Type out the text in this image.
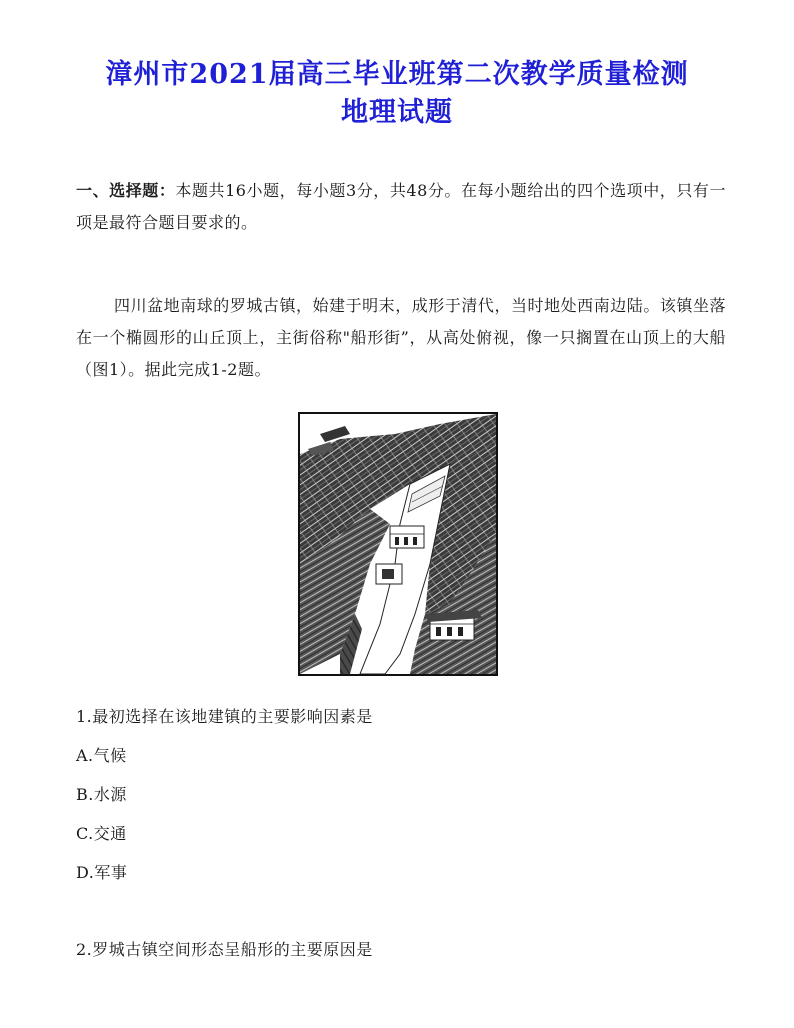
漳州市2021届高三毕业班第二次教学质量检测
地理试题
一、选择题：本题共16小题，每小题3分，共48分。在每小题给出的四个选项中，只有一项是最符合题目要求的。
四川盆地南球的罗城古镇，始建于明末，成形于清代，当时地处西南边陆。该镇坐落在一个椭圆形的山丘顶上，主街俗称"船形街”，从高处俯视，像一只搁置在山顶上的大船（图1）。据此完成1-2题。
1.最初选择在该地建镇的主要影响因素是
A.气候
B.水源
C.交通
D.军事
2.罗城古镇空间形态呈船形的主要原因是
